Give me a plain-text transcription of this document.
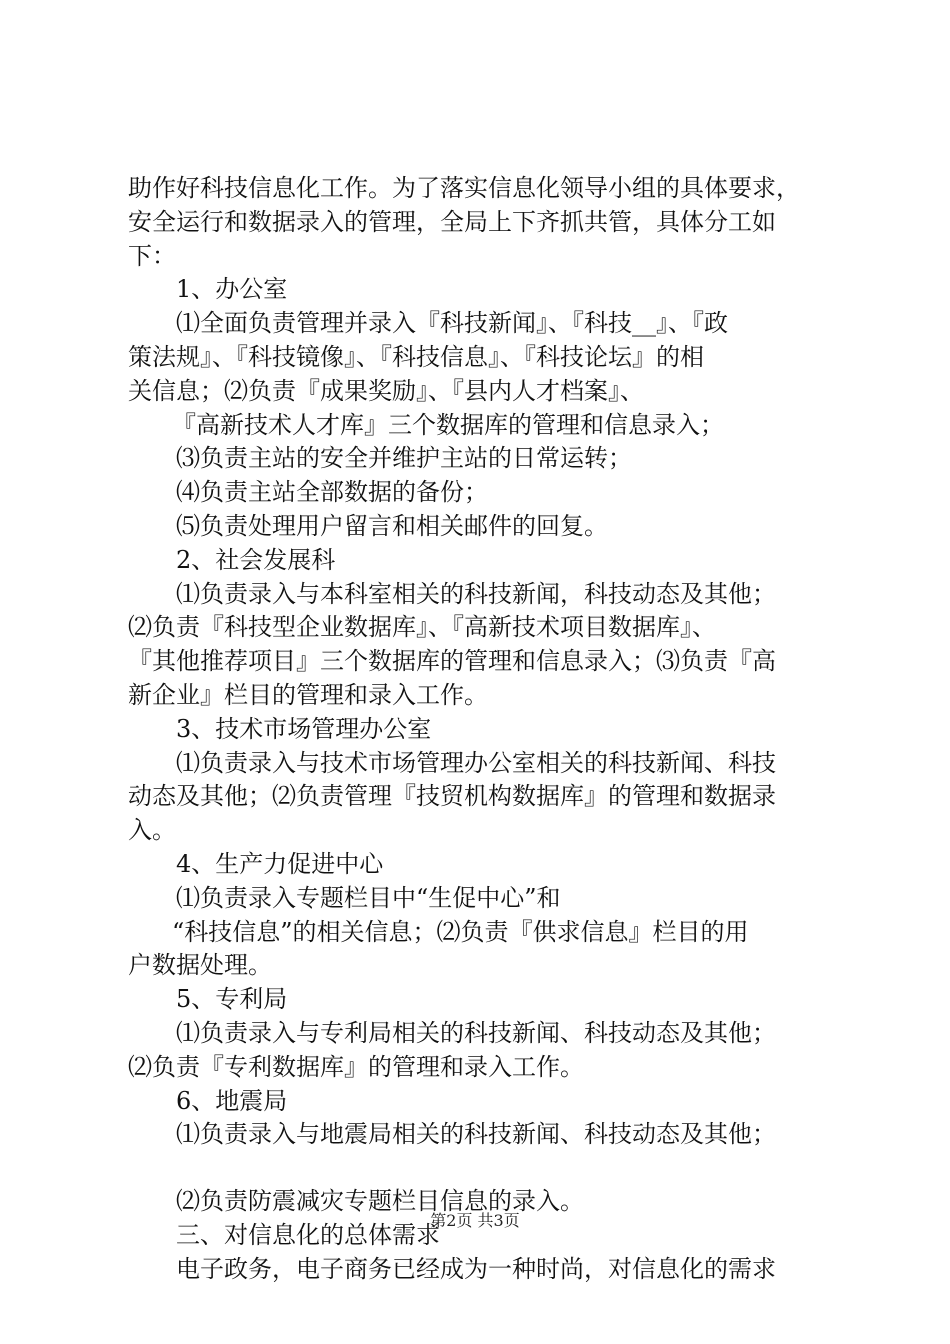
助作好科技信息化工作。为了落实信息化领导小组的具体要求，
安全运行和数据录入的管理，全局上下齐抓共管，具体分工如
下：
1、办公室
⑴全面负责管理并录入『科技新闻』、『科技__』、『政
策法规』、『科技镜像』、『科技信息』、『科技论坛』的相
关信息；⑵负责『成果奖励』、『县内人才档案』、
『高新技术人才库』三个数据库的管理和信息录入；
⑶负责主站的安全并维护主站的日常运转；
⑷负责主站全部数据的备份；
⑸负责处理用户留言和相关邮件的回复。
2、社会发展科
⑴负责录入与本科室相关的科技新闻，科技动态及其他；
⑵负责『科技型企业数据库』、『高新技术项目数据库』、
『其他推荐项目』三个数据库的管理和信息录入；⑶负责『高
新企业』栏目的管理和录入工作。
3、技术市场管理办公室
⑴负责录入与技术市场管理办公室相关的科技新闻、科技
动态及其他；⑵负责管理『技贸机构数据库』的管理和数据录
入。
4、生产力促进中心
⑴负责录入专题栏目中“生促中心”和
“科技信息”的相关信息；⑵负责『供求信息』栏目的用
户数据处理。
5、专利局
⑴负责录入与专利局相关的科技新闻、科技动态及其他；
⑵负责『专利数据库』的管理和录入工作。
6、地震局
⑴负责录入与地震局相关的科技新闻、科技动态及其他；
⑵负责防震减灾专题栏目信息的录入。
三、对信息化的总体需求
电子政务，电子商务已经成为一种时尚，对信息化的需求
第2页 共3页
